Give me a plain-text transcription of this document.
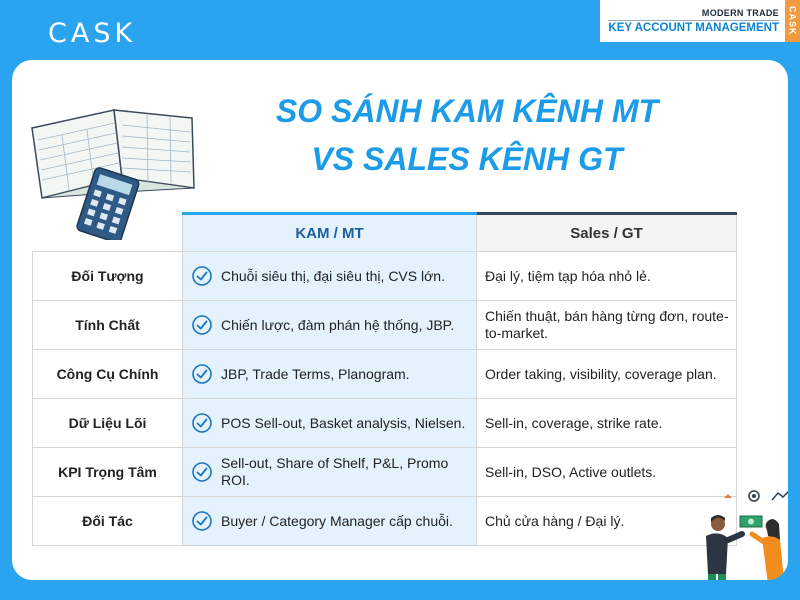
CASK
MODERN TRADE
KEY ACCOUNT MANAGEMENT CASK
SO SÁNH KAM KÊNH MT
VS SALES KÊNH GT
	KAM / MT	Sales / GT
Đối Tượng	Chuỗi siêu thị, đại siêu thị, CVS lớn.	Đại lý, tiệm tạp hóa nhỏ lẻ.
Tính Chất	Chiến lược, đàm phán hệ thống, JBP.	Chiến thuật, bán hàng từng đơn, route-to-market.
Công Cụ Chính	JBP, Trade Terms, Planogram.	Order taking, visibility, coverage plan.
Dữ Liệu Lõi	POS Sell-out, Basket analysis, Nielsen.	Sell-in, coverage, strike rate.
KPI Trọng Tâm	Sell-out, Share of Shelf, P&L, Promo ROI.	Sell-in, DSO, Active outlets.
Đối Tác	Buyer / Category Manager cấp chuỗi.	Chủ cửa hàng / Đại lý.
